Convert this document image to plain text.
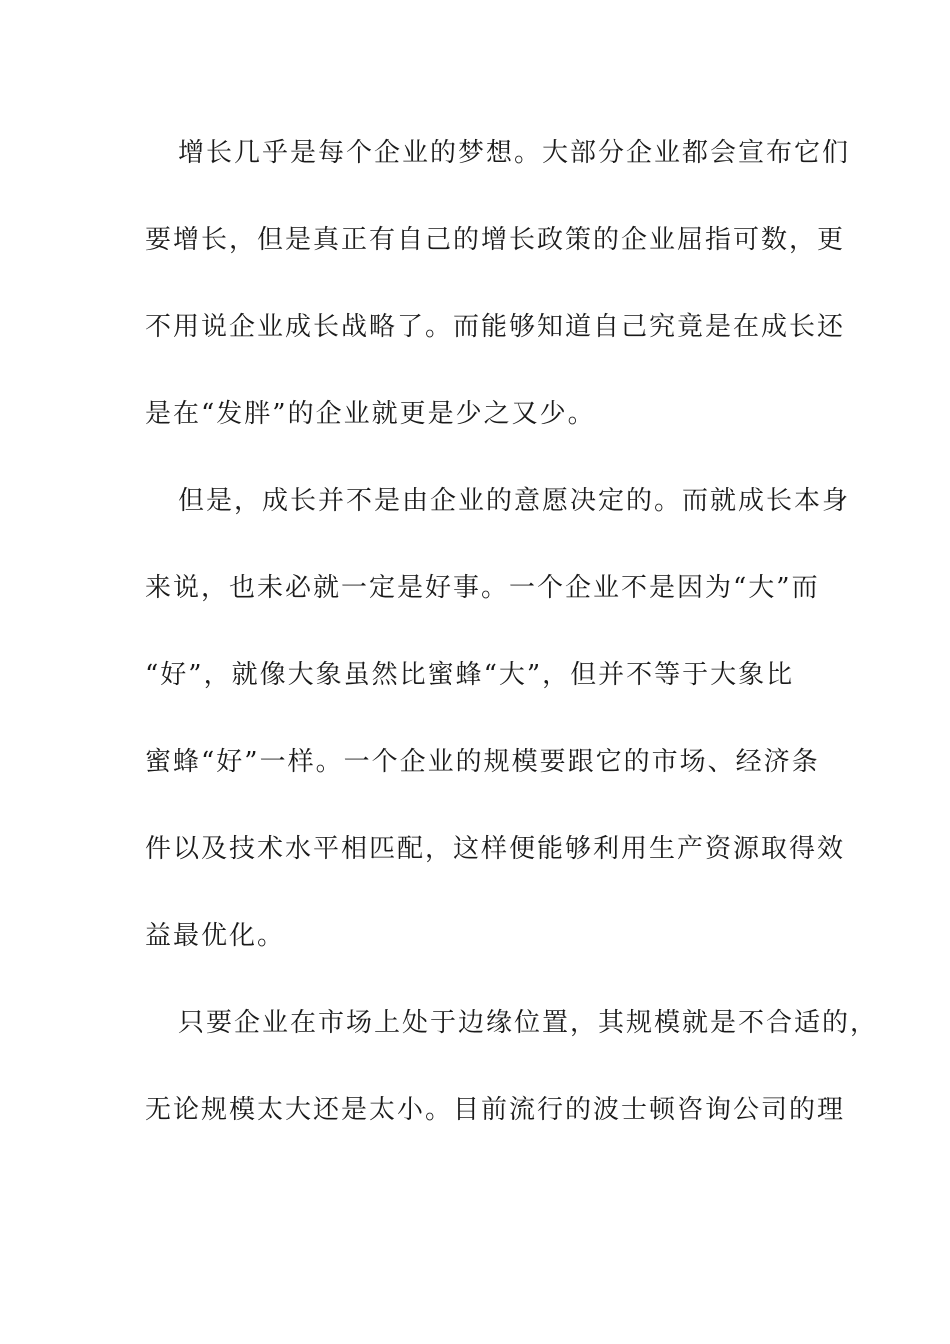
增长几乎是每个企业的梦想。大部分企业都会宣布它们
要增长，但是真正有自己的增长政策的企业屈指可数，更
不用说企业成长战略了。而能够知道自己究竟是在成长还
是在“发胖”的企业就更是少之又少。
但是，成长并不是由企业的意愿决定的。而就成长本身
来说，也未必就一定是好事。一个企业不是因为“大”而
“好”，就像大象虽然比蜜蜂“大”，但并不等于大象比
蜜蜂“好”一样。一个企业的规模要跟它的市场、经济条
件以及技术水平相匹配，这样便能够利用生产资源取得效
益最优化。
只要企业在市场上处于边缘位置，其规模就是不合适的，
无论规模太大还是太小。目前流行的波士顿咨询公司的理
